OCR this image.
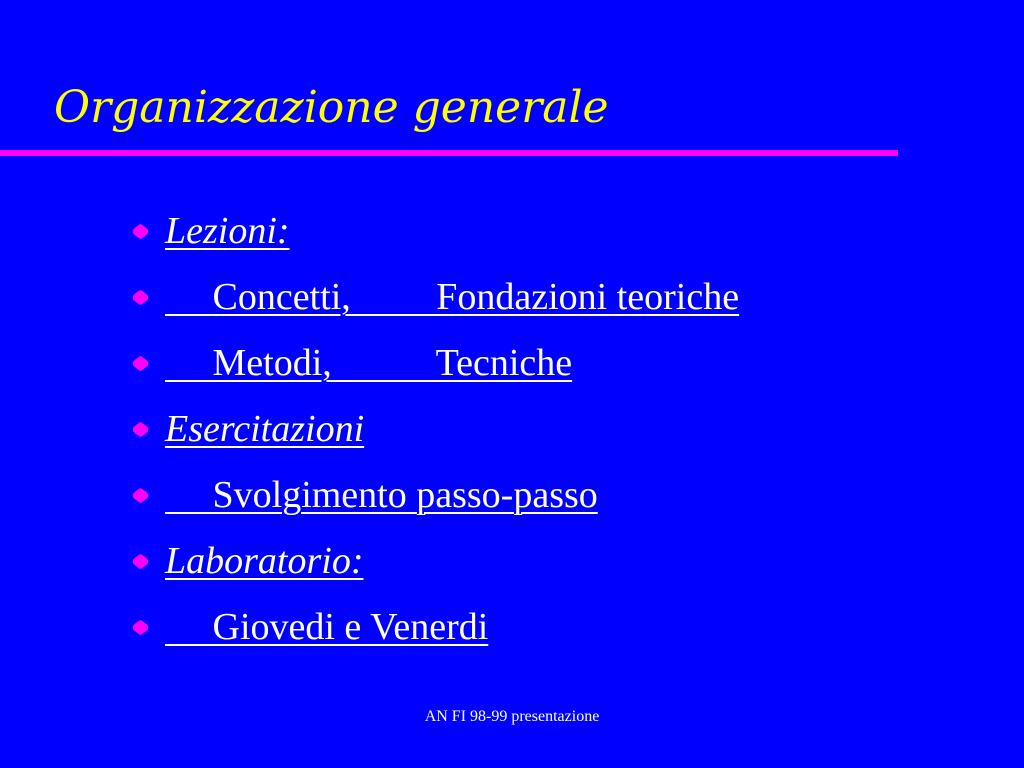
Organizzazione generale
Lezioni:
Concetti,         Fondazioni teoriche
Metodi,           Tecniche
Esercitazioni
Svolgimento passo-passo
Laboratorio:
Giovedi e Venerdi
AN FI 98-99 presentazione
